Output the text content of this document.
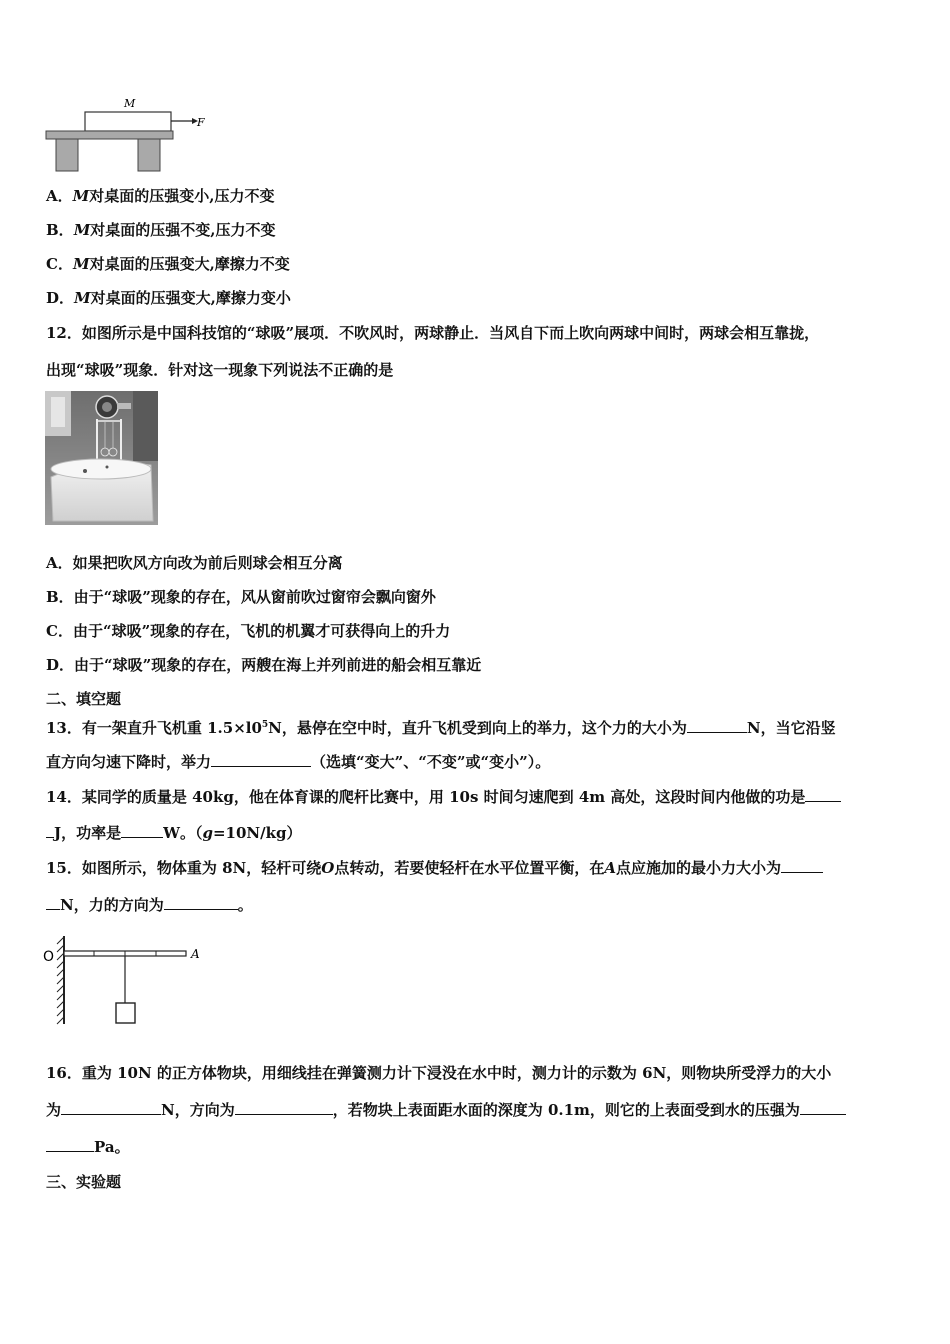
M
F
A．M对桌面的压强变小,压力不变
B．M对桌面的压强不变,压力不变
C．M对桌面的压强变大,摩擦力不变
D．M对桌面的压强变大,摩擦力变小
12．如图所示是中国科技馆的“球吸”展项．不吹风时，两球静止．当风自下而上吹向两球中间时，两球会相互靠拢，
出现“球吸”现象．针对这一现象下列说法不正确的是
A．如果把吹风方向改为前后则球会相互分离
B．由于“球吸”现象的存在，风从窗前吹过窗帘会飘向窗外
C．由于“球吸”现象的存在，飞机的机翼才可获得向上的升力
D．由于“球吸”现象的存在，两艘在海上并列前进的船会相互靠近
二、填空题
13．有一架直升飞机重 $1.5\times l0^5N$，悬停在空中时，直升飞机受到向上的举力，这个力的大小为	N，当它沿竖
直方向匀速下降时，举力	（选填“变大”、“不变”或“变小”）。
14．某同学的质量是 40kg，他在体育课的爬杆比赛中，用 10s 时间匀速爬到 4m 高处，这段时间内他做的功是
J，功率是	W。（g=10N/kg）
15．如图所示，物体重为 8N，轻杆可绕O点转动，若要使轻杆在水平位置平衡，在A点应施加的最小力大小为
N，力的方向为	。
O	A
16．重为 10N 的正方体物块，用细线挂在弹簧测力计下浸没在水中时，测力计的示数为 6N，则物块所受浮力的大小
为	N，方向为	，若物块上表面距水面的深度为 0.1m，则它的上表面受到水的压强为
Pa。
三、实验题
